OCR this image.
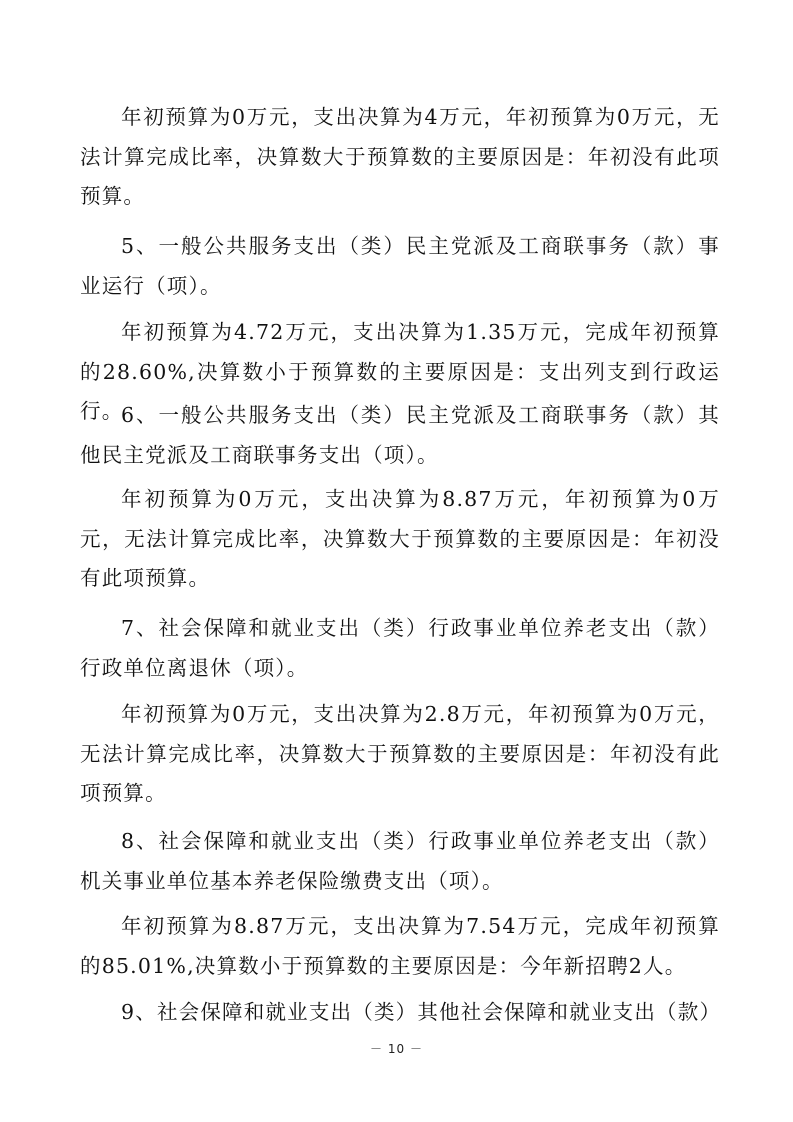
年初预算为0万元，支出决算为4万元，年初预算为0万元，无法计算完成比率，决算数大于预算数的主要原因是：年初没有此项预算。

5、一般公共服务支出（类）民主党派及工商联事务（款）事业运行（项）。

年初预算为4.72万元，支出决算为1.35万元，完成年初预算的28.60%,决算数小于预算数的主要原因是：支出列支到行政运行。

6、一般公共服务支出（类）民主党派及工商联事务（款）其他民主党派及工商联事务支出（项）。

年初预算为0万元，支出决算为8.87万元，年初预算为0万元，无法计算完成比率，决算数大于预算数的主要原因是：年初没有此项预算。

7、社会保障和就业支出（类）行政事业单位养老支出（款）行政单位离退休（项）。

年初预算为0万元，支出决算为2.8万元，年初预算为0万元，无法计算完成比率，决算数大于预算数的主要原因是：年初没有此项预算。

8、社会保障和就业支出（类）行政事业单位养老支出（款）机关事业单位基本养老保险缴费支出（项）。

年初预算为8.87万元，支出决算为7.54万元，完成年初预算的85.01%,决算数小于预算数的主要原因是：今年新招聘2人。

9、社会保障和就业支出（类）其他社会保障和就业支出（款）

－ 10 －
